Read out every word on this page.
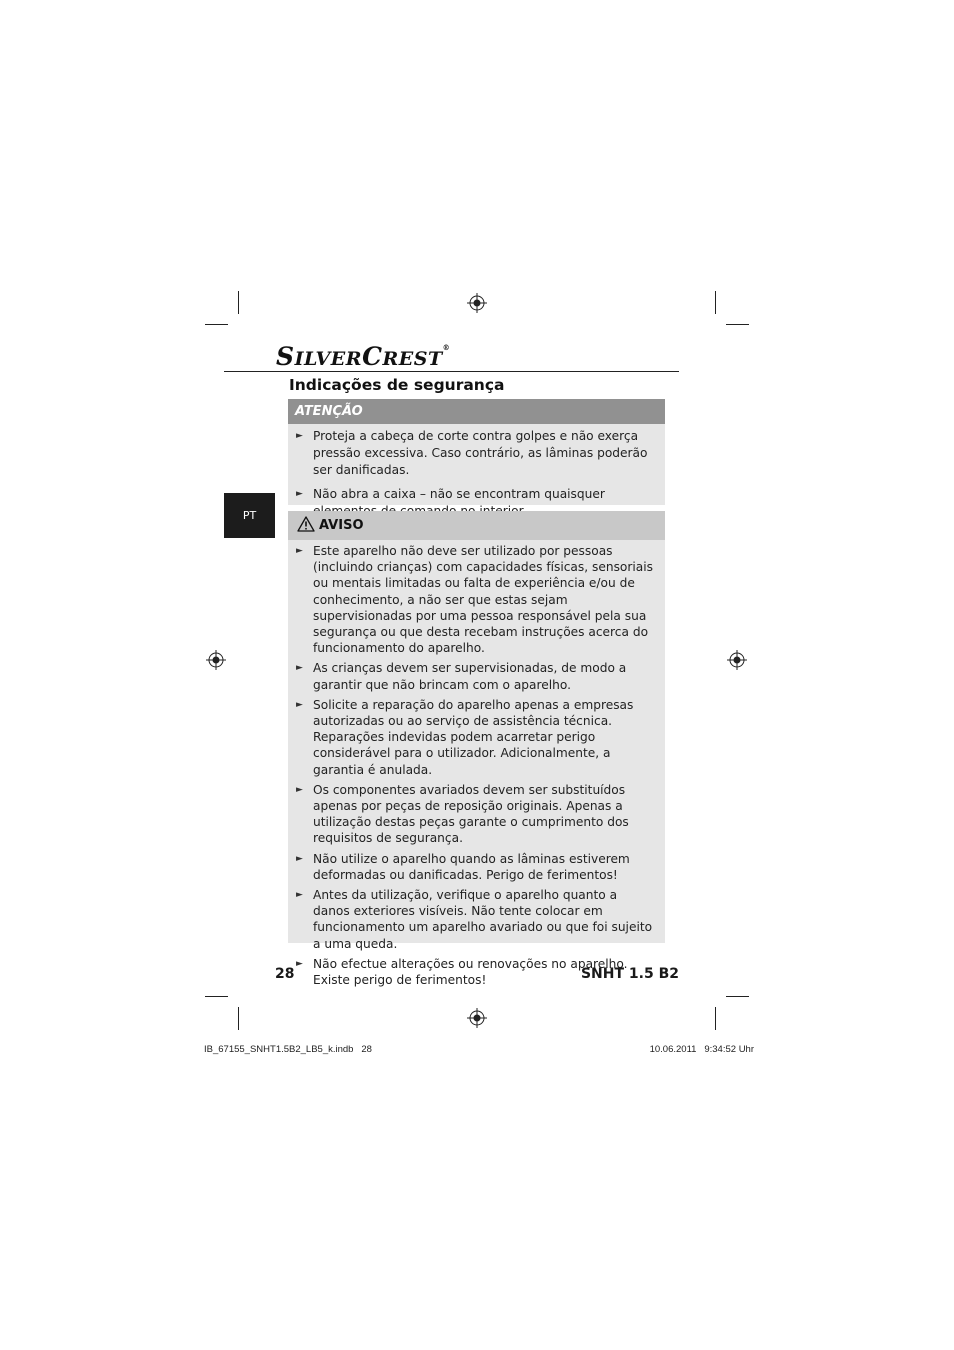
SILVERCREST®
Indicações de segurança
PT
ATENÇÃO
► Proteja a cabeça de corte contra golpes e não exerça pressão excessiva. Caso contrário, as lâminas poderão ser danificadas.
► Não abra a caixa – não se encontram quaisquer
AVISO
► Este aparelho não deve ser utilizado por pessoas (incluindo crianças) com capacidades físicas, sensoriais ou mentais limitadas ou falta de experiência e/ou de conhecimento, a não ser que estas sejam supervisionadas por uma pessoa responsável pela sua segurança ou que desta recebam instruções acerca do funcionamento do aparelho.
► As crianças devem ser supervisionadas, de modo a garantir que não brincam com o aparelho.
► Solicite a reparação do aparelho apenas a empresas autorizadas ou ao serviço de assistência técnica. Reparações indevidas podem acarretar perigo considerável para o utilizador. Adicionalmente, a garantia é anulada.
► Os componentes avariados devem ser substituídos apenas por peças de reposição originais. Apenas a utilização destas peças garante o cumprimento dos requisitos de segurança.
► Não utilize o aparelho quando as lâminas estiverem deformadas ou danificadas. Perigo de ferimentos!
► Antes da utilização, verifique o aparelho quanto a danos exteriores visíveis. Não tente colocar em funcionamento um aparelho avariado ou que foi sujeito a uma queda.
► Não efectue alterações ou renovações no aparelho. Existe perigo de ferimentos!
28	SNHT 1.5 B2
IB_67155_SNHT1.5B2_LB5_k.indb   28	10.06.2011   9:34:52 Uhr
